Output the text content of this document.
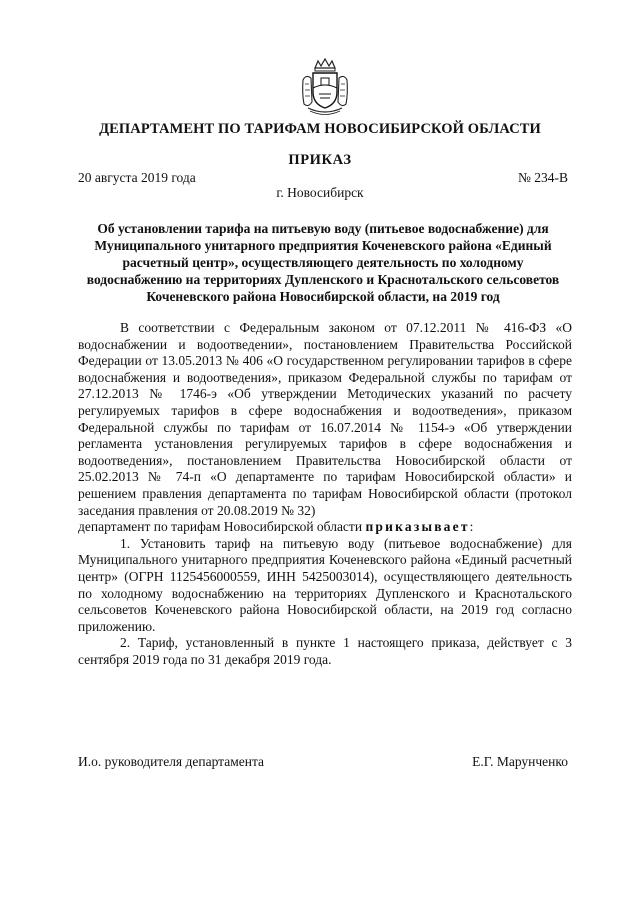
ДЕПАРТАМЕНТ ПО ТАРИФАМ НОВОСИБИРСКОЙ ОБЛАСТИ
ПРИКАЗ
20 августа 2019 года	№ 234-В
г. Новосибирск
Об установлении тарифа на питьевую воду (питьевое водоснабжение) для
Муниципального унитарного предприятия Коченевского района «Единый
расчетный центр», осуществляющего деятельность по холодному
водоснабжению на территориях Дупленского и Краснотальского сельсоветов
Коченевского района Новосибирской области, на 2019 год

В соответствии с Федеральным законом от 07.12.2011 № 416-ФЗ «О водоснабжении и водоотведении», постановлением Правительства Российской Федерации от 13.05.2013 № 406 «О государственном регулировании тарифов в сфере водоснабжения и водоотведения», приказом Федеральной службы по тарифам от 27.12.2013 № 1746-э «Об утверждении Методических указаний по расчету регулируемых тарифов в сфере водоснабжения и водоотведения», приказом Федеральной службы по тарифам от 16.07.2014 № 1154-э «Об утверждении регламента установления регулируемых тарифов в сфере водоснабжения и водоотведения», постановлением Правительства Новосибирской области от 25.02.2013 № 74-п «О департаменте по тарифам Новосибирской области» и решением правления департамента по тарифам Новосибирской области (протокол заседания правления от 20.08.2019 № 32)

департамент по тарифам Новосибирской области приказывает:

1. Установить тариф на питьевую воду (питьевое водоснабжение) для Муниципального унитарного предприятия Коченевского района «Единый расчетный центр» (ОГРН 1125456000559, ИНН 5425003014), осуществляющего деятельность по холодному водоснабжению на территориях Дупленского и Краснотальского сельсоветов Коченевского района Новосибирской области, на 2019 год согласно приложению.

2. Тариф, установленный в пункте 1 настоящего приказа, действует с 3 сентября 2019 года по 31 декабря 2019 года.

И.о. руководителя департамента	Е.Г. Марунченко
